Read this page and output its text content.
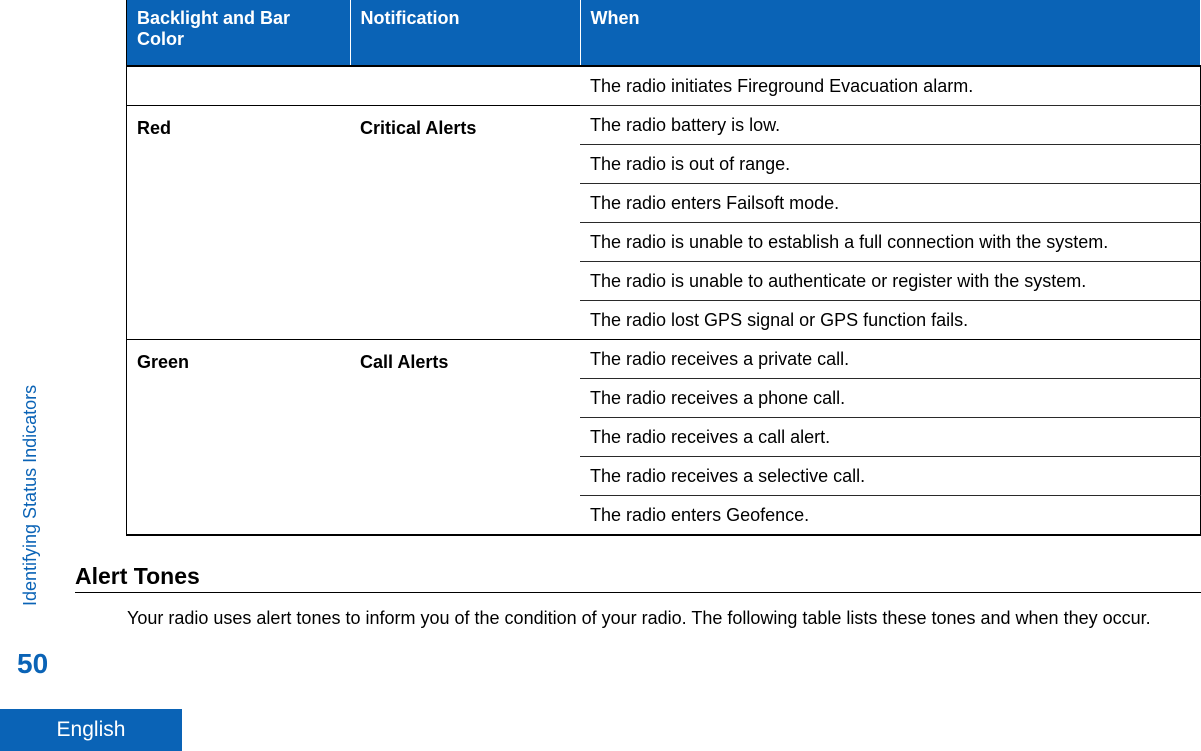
Identifying Status Indicators
50
English
Backlight and Bar Color	Notification	When
		The radio initiates Fireground Evacuation alarm.
Red	Critical Alerts	The radio battery is low.
		The radio is out of range.
		The radio enters Failsoft mode.
		The radio is unable to establish a full connection with the system.
		The radio is unable to authenticate or register with the system.
		The radio lost GPS signal or GPS function fails.
Green	Call Alerts	The radio receives a private call.
		The radio receives a phone call.
		The radio receives a call alert.
		The radio receives a selective call.
		The radio enters Geofence.
Alert Tones
Your radio uses alert tones to inform you of the condition of your radio. The following table lists these tones and when they occur.
